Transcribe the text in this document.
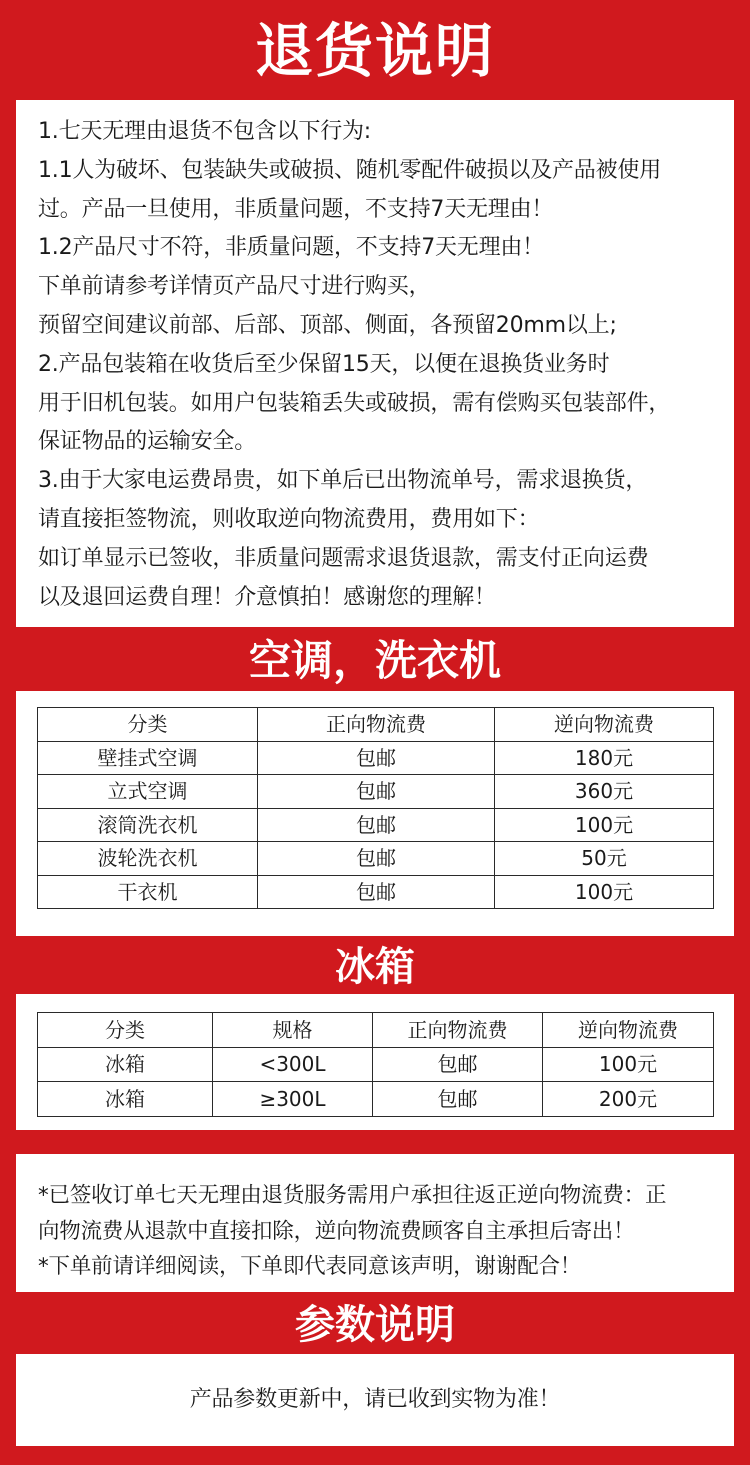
退货说明
1.七天无理由退货不包含以下行为:
1.1人为破坏、包装缺失或破损、随机零配件破损以及产品被使用
过。产品一旦使用，非质量问题，不支持7天无理由！
1.2产品尺寸不符，非质量问题，不支持7天无理由！
下单前请参考详情页产品尺寸进行购买，
预留空间建议前部、后部、顶部、侧面，各预留20mm以上;
2.产品包装箱在收货后至少保留15天，以便在退换货业务时
用于旧机包装。如用户包装箱丢失或破损，需有偿购买包装部件，
保证物品的运输安全。
3.由于大家电运费昂贵，如下单后已出物流单号，需求退换货，
请直接拒签物流，则收取逆向物流费用，费用如下：
如订单显示已签收，非质量问题需求退货退款，需支付正向运费
以及退回运费自理！介意慎拍！感谢您的理解！
空调，洗衣机
分类	正向物流费	逆向物流费
壁挂式空调	包邮	180元
立式空调	包邮	360元
滚筒洗衣机	包邮	100元
波轮洗衣机	包邮	50元
干衣机	包邮	100元
冰箱
分类	规格	正向物流费	逆向物流费
冰箱	<300L	包邮	100元
冰箱	≥300L	包邮	200元
*已签收订单七天无理由退货服务需用户承担往返正逆向物流费：正
向物流费从退款中直接扣除，逆向物流费顾客自主承担后寄出！
*下单前请详细阅读，下单即代表同意该声明，谢谢配合！
参数说明
产品参数更新中，请已收到实物为准！
